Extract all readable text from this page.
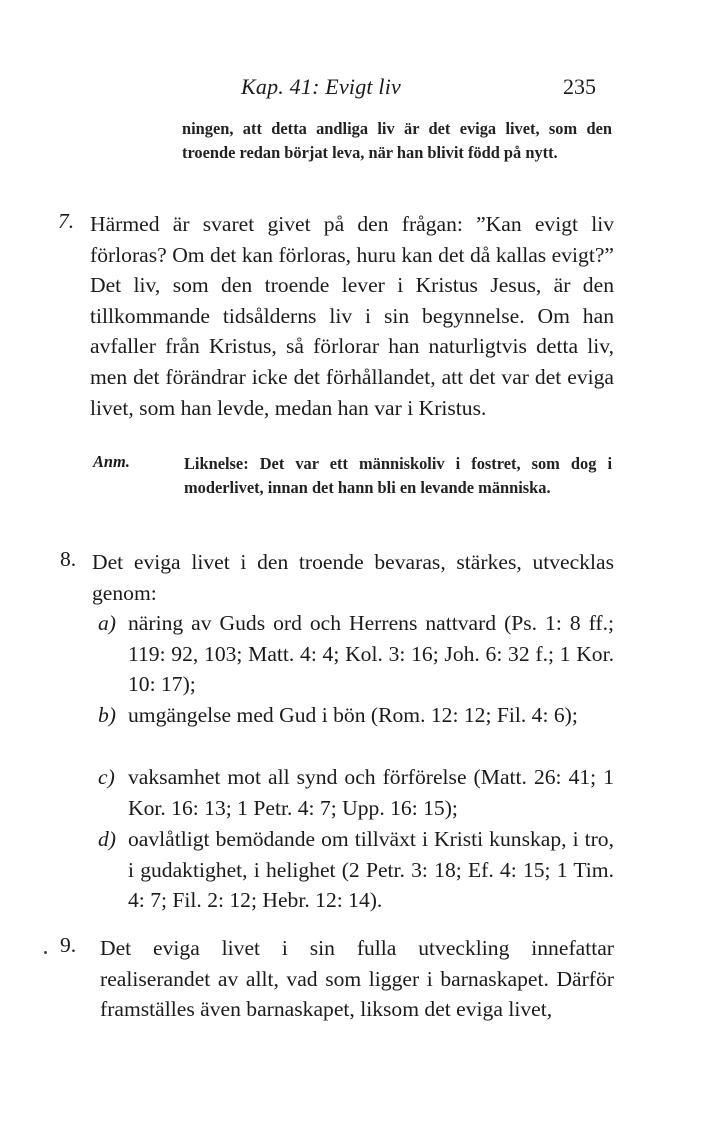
Kap. 41: Evigt liv	235
ningen, att detta andliga liv är det eviga livet, som den troende redan börjat leva, när han blivit född på nytt.
7. Härmed är svaret givet på den frågan: ”Kan evigt liv förloras? Om det kan förloras, huru kan det då kallas evigt?” Det liv, som den troende lever i Kristus Jesus, är den tillkommande tidsålderns liv i sin begynnelse. Om han avfaller från Kristus, så förlorar han naturligtvis detta liv, men det förändrar icke det förhållandet, att det var det eviga livet, som han levde, medan han var i Kristus.
Anm.	Liknelse: Det var ett människoliv i fostret, som dog i moderlivet, innan det hann bli en levande människa.
8. Det eviga livet i den troende bevaras, stärkes, utvecklas genom:
a) näring av Guds ord och Herrens nattvard (Ps. 1: 8 ff.; 119: 92, 103; Matt. 4: 4; Kol. 3: 16; Joh. 6: 32 f.; 1 Kor. 10: 17);
b) umgängelse med Gud i bön (Rom. 12: 12; Fil. 4: 6);
c) vaksamhet mot all synd och förförelse (Matt. 26: 41; 1 Kor. 16: 13; 1 Petr. 4: 7; Upp. 16: 15);
d) oavlåtligt bemödande om tillväxt i Kristi kunskap, i tro, i gudaktighet, i helighet (2 Petr. 3: 18; Ef. 4: 15; 1 Tim. 4: 7; Fil. 2: 12; Hebr. 12: 14).
9. Det eviga livet i sin fulla utveckling innefattar realiserandet av allt, vad som ligger i barnaskapet. Därför framställes även barnaskapet, liksom det eviga livet,
